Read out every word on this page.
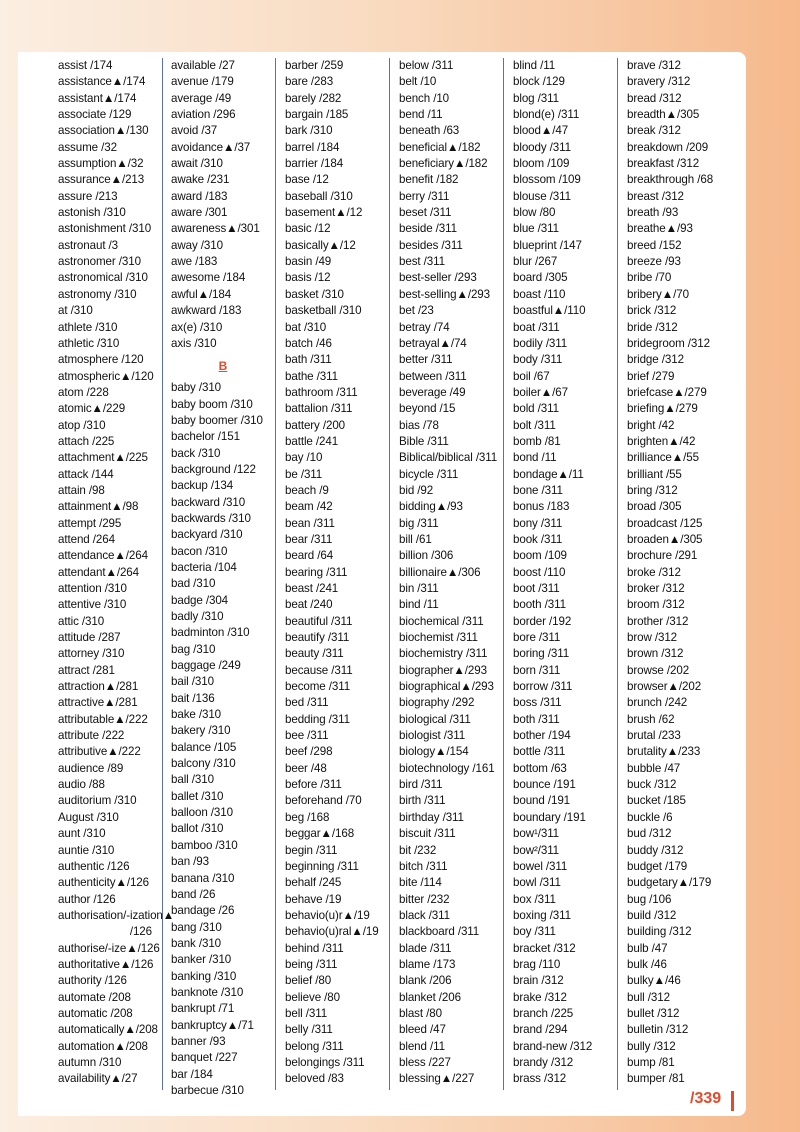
assist /174
assistance▲/174
assistant▲/174
associate /129
association▲/130
assume /32
assumption▲/32
assurance▲/213
assure /213
astonish /310
astonishment /310
astronaut /3
astronomer /310
astronomical /310
astronomy /310
at /310
athlete /310
athletic /310
atmosphere /120
atmospheric▲/120
atom /228
atomic▲/229
atop /310
attach /225
attachment▲/225
attack /144
attain /98
attainment▲/98
attempt /295
attend /264
attendance▲/264
attendant▲/264
attention /310
attentive /310
attic /310
attitude /287
attorney /310
attract /281
attraction▲/281
attractive▲/281
attributable▲/222
attribute /222
attributive▲/222
audience /89
audio /88
auditorium /310
August /310
aunt /310
auntie /310
authentic /126
authenticity▲/126
author /126
authorisation/-ization▲
/126
authorise/-ize▲/126
authoritative▲/126
authority /126
automate /208
automatic /208
automatically▲/208
automation▲/208
autumn /310
availability▲/27
available /27
avenue /179
average /49
aviation /296
avoid /37
avoidance▲/37
await /310
awake /231
award /183
aware /301
awareness▲/301
away /310
awe /183
awesome /184
awful▲/184
awkward /183
ax(e) /310
axis /310
B
baby /310
baby boom /310
baby boomer /310
bachelor /151
back /310
background /122
backup /134
backward /310
backwards /310
backyard /310
bacon /310
bacteria /104
bad /310
badge /304
badly /310
badminton /310
bag /310
baggage /249
bail /310
bait /136
bake /310
bakery /310
balance /105
balcony /310
ball /310
ballet /310
balloon /310
ballot /310
bamboo /310
ban /93
banana /310
band /26
bandage /26
bang /310
bank /310
banker /310
banking /310
banknote /310
bankrupt /71
bankruptcy▲/71
banner /93
banquet /227
bar /184
barbecue /310
barber /259
bare /283
barely /282
bargain /185
bark /310
barrel /184
barrier /184
base /12
baseball /310
basement▲/12
basic /12
basically▲/12
basin /49
basis /12
basket /310
basketball /310
bat /310
batch /46
bath /311
bathe /311
bathroom /311
battalion /311
battery /200
battle /241
bay /10
be /311
beach /9
beam /42
bean /311
bear /311
beard /64
bearing /311
beast /241
beat /240
beautiful /311
beautify /311
beauty /311
because /311
become /311
bed /311
bedding /311
bee /311
beef /298
beer /48
before /311
beforehand /70
beg /168
beggar▲/168
begin /311
beginning /311
behalf /245
behave /19
behavio(u)r▲/19
behavio(u)ral▲/19
behind /311
being /311
belief /80
believe /80
bell /311
belly /311
belong /311
belongings /311
beloved /83
below /311
belt /10
bench /10
bend /11
beneath /63
beneficial▲/182
beneficiary▲/182
benefit /182
berry /311
beset /311
beside /311
besides /311
best /311
best-seller /293
best-selling▲/293
bet /23
betray /74
betrayal▲/74
better /311
between /311
beverage /49
beyond /15
bias /78
Bible /311
Biblical/biblical /311
bicycle /311
bid /92
bidding▲/93
big /311
bill /61
billion /306
billionaire▲/306
bin /311
bind /11
biochemical /311
biochemist /311
biochemistry /311
biographer▲/293
biographical▲/293
biography /292
biological /311
biologist /311
biology▲/154
biotechnology /161
bird /311
birth /311
birthday /311
biscuit /311
bit /232
bitch /311
bite /114
bitter /232
black /311
blackboard /311
blade /311
blame /173
blank /206
blanket /206
blast /80
bleed /47
blend /11
bless /227
blessing▲/227
blind /11
block /129
blog /311
blond(e) /311
blood▲/47
bloody /311
bloom /109
blossom /109
blouse /311
blow /80
blue /311
blueprint /147
blur /267
board /305
boast /110
boastful▲/110
boat /311
bodily /311
body /311
boil /67
boiler▲/67
bold /311
bolt /311
bomb /81
bond /11
bondage▲/11
bone /311
bonus /183
bony /311
book /311
boom /109
boost /110
boot /311
booth /311
border /192
bore /311
boring /311
born /311
borrow /311
boss /311
both /311
bother /194
bottle /311
bottom /63
bounce /191
bound /191
boundary /191
bow¹/311
bow²/311
bowel /311
bowl /311
box /311
boxing /311
boy /311
bracket /312
brag /110
brain /312
brake /312
branch /225
brand /294
brand-new /312
brandy /312
brass /312
brave /312
bravery /312
bread /312
breadth▲/305
break /312
breakdown /209
breakfast /312
breakthrough /68
breast /312
breath /93
breathe▲/93
breed /152
breeze /93
bribe /70
bribery▲/70
brick /312
bride /312
bridegroom /312
bridge /312
brief /279
briefcase▲/279
briefing▲/279
bright /42
brighten▲/42
brilliance▲/55
brilliant /55
bring /312
broad /305
broadcast /125
broaden▲/305
brochure /291
broke /312
broker /312
broom /312
brother /312
brow /312
brown /312
browse /202
browser▲/202
brunch /242
brush /62
brutal /233
brutality▲/233
bubble /47
buck /312
bucket /185
buckle /6
bud /312
buddy /312
budget /179
budgetary▲/179
bug /106
build /312
building /312
bulb /47
bulk /46
bulky▲/46
bull /312
bullet /312
bulletin /312
bully /312
bump /81
bumper /81
/339
